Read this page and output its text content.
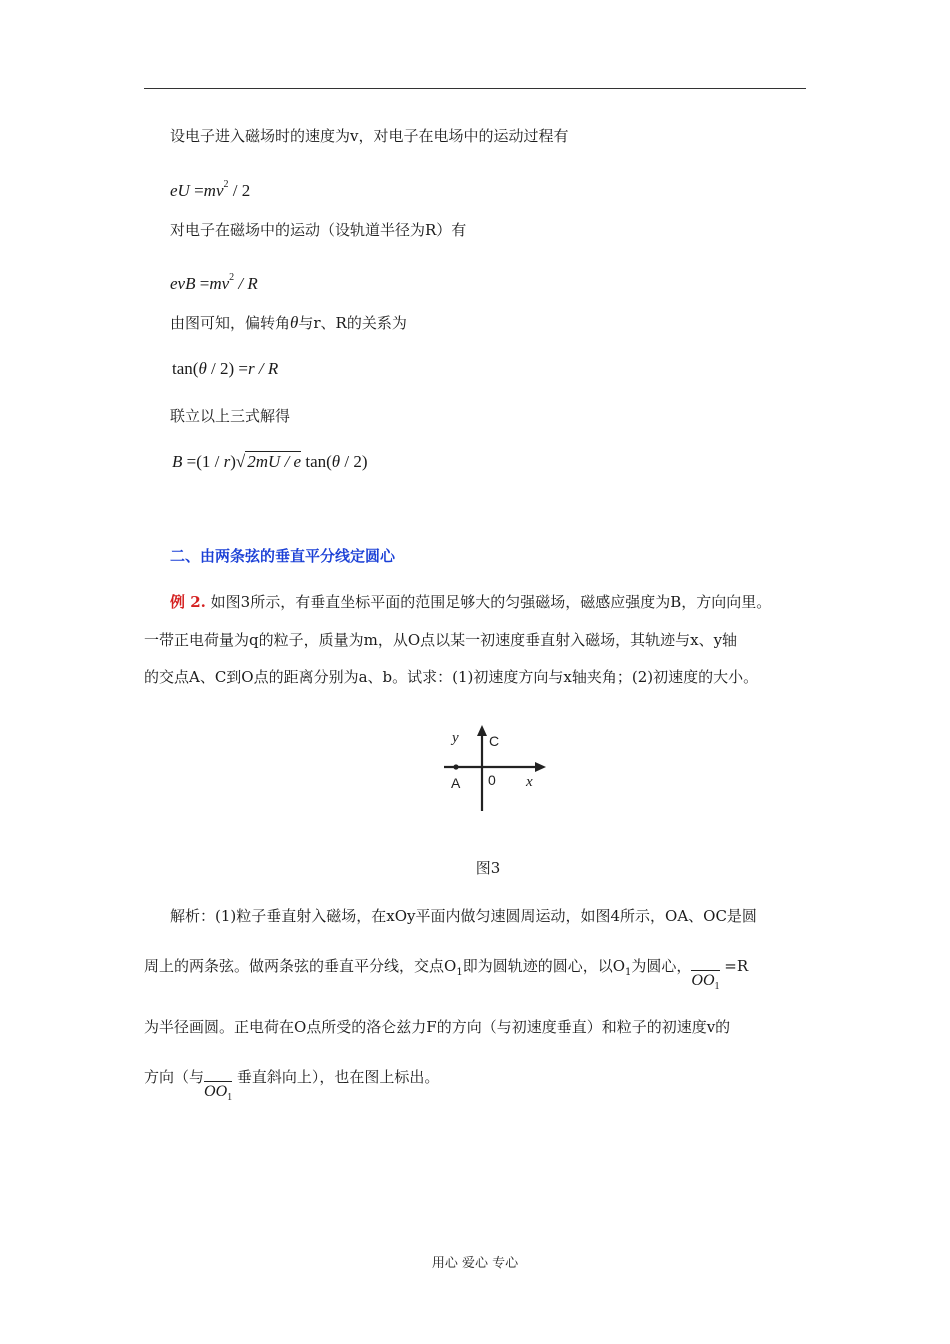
设电子进入磁场时的速度为v，对电子在电场中的运动过程有
eU $=mv^2 / 2$
对电子在磁场中的运动（设轨道半径为R）有
evB $=mv^2 / R$
由图可知，偏转角θ与r、R的关系为
tan(θ / 2) =r / R
联立以上三式解得
B =(1 / r)√ 2mU / e tan(θ / 2)
二、由两条弦的垂直平分线定圆心
例 2. 如图3所示，有垂直坐标平面的范围足够大的匀强磁场，磁感应强度为B，方向向里。
一带正电荷量为q的粒子，质量为m，从O点以某一初速度垂直射入磁场，其轨迹与x、y轴
的交点A、C到O点的距离分别为a、b。试求：(1)初速度方向与x轴夹角；(2)初速度的大小。
y C
A 0 x
图3
解析：(1)粒子垂直射入磁场，在xOy平面内做匀速圆周运动，如图4所示，OA、OC是圆
周上的两条弦。做两条弦的垂直平分线，交点$O_1$即为圆轨迹的圆心，以$O_1$为圆心，$OO_1 =R$
为半径画圆。正电荷在O点所受的洛仑兹力F的方向（与初速度垂直）和粒子的初速度v的
方向（与$OO_1$ 垂直斜向上），也在图上标出。
用心 爱心 专心
